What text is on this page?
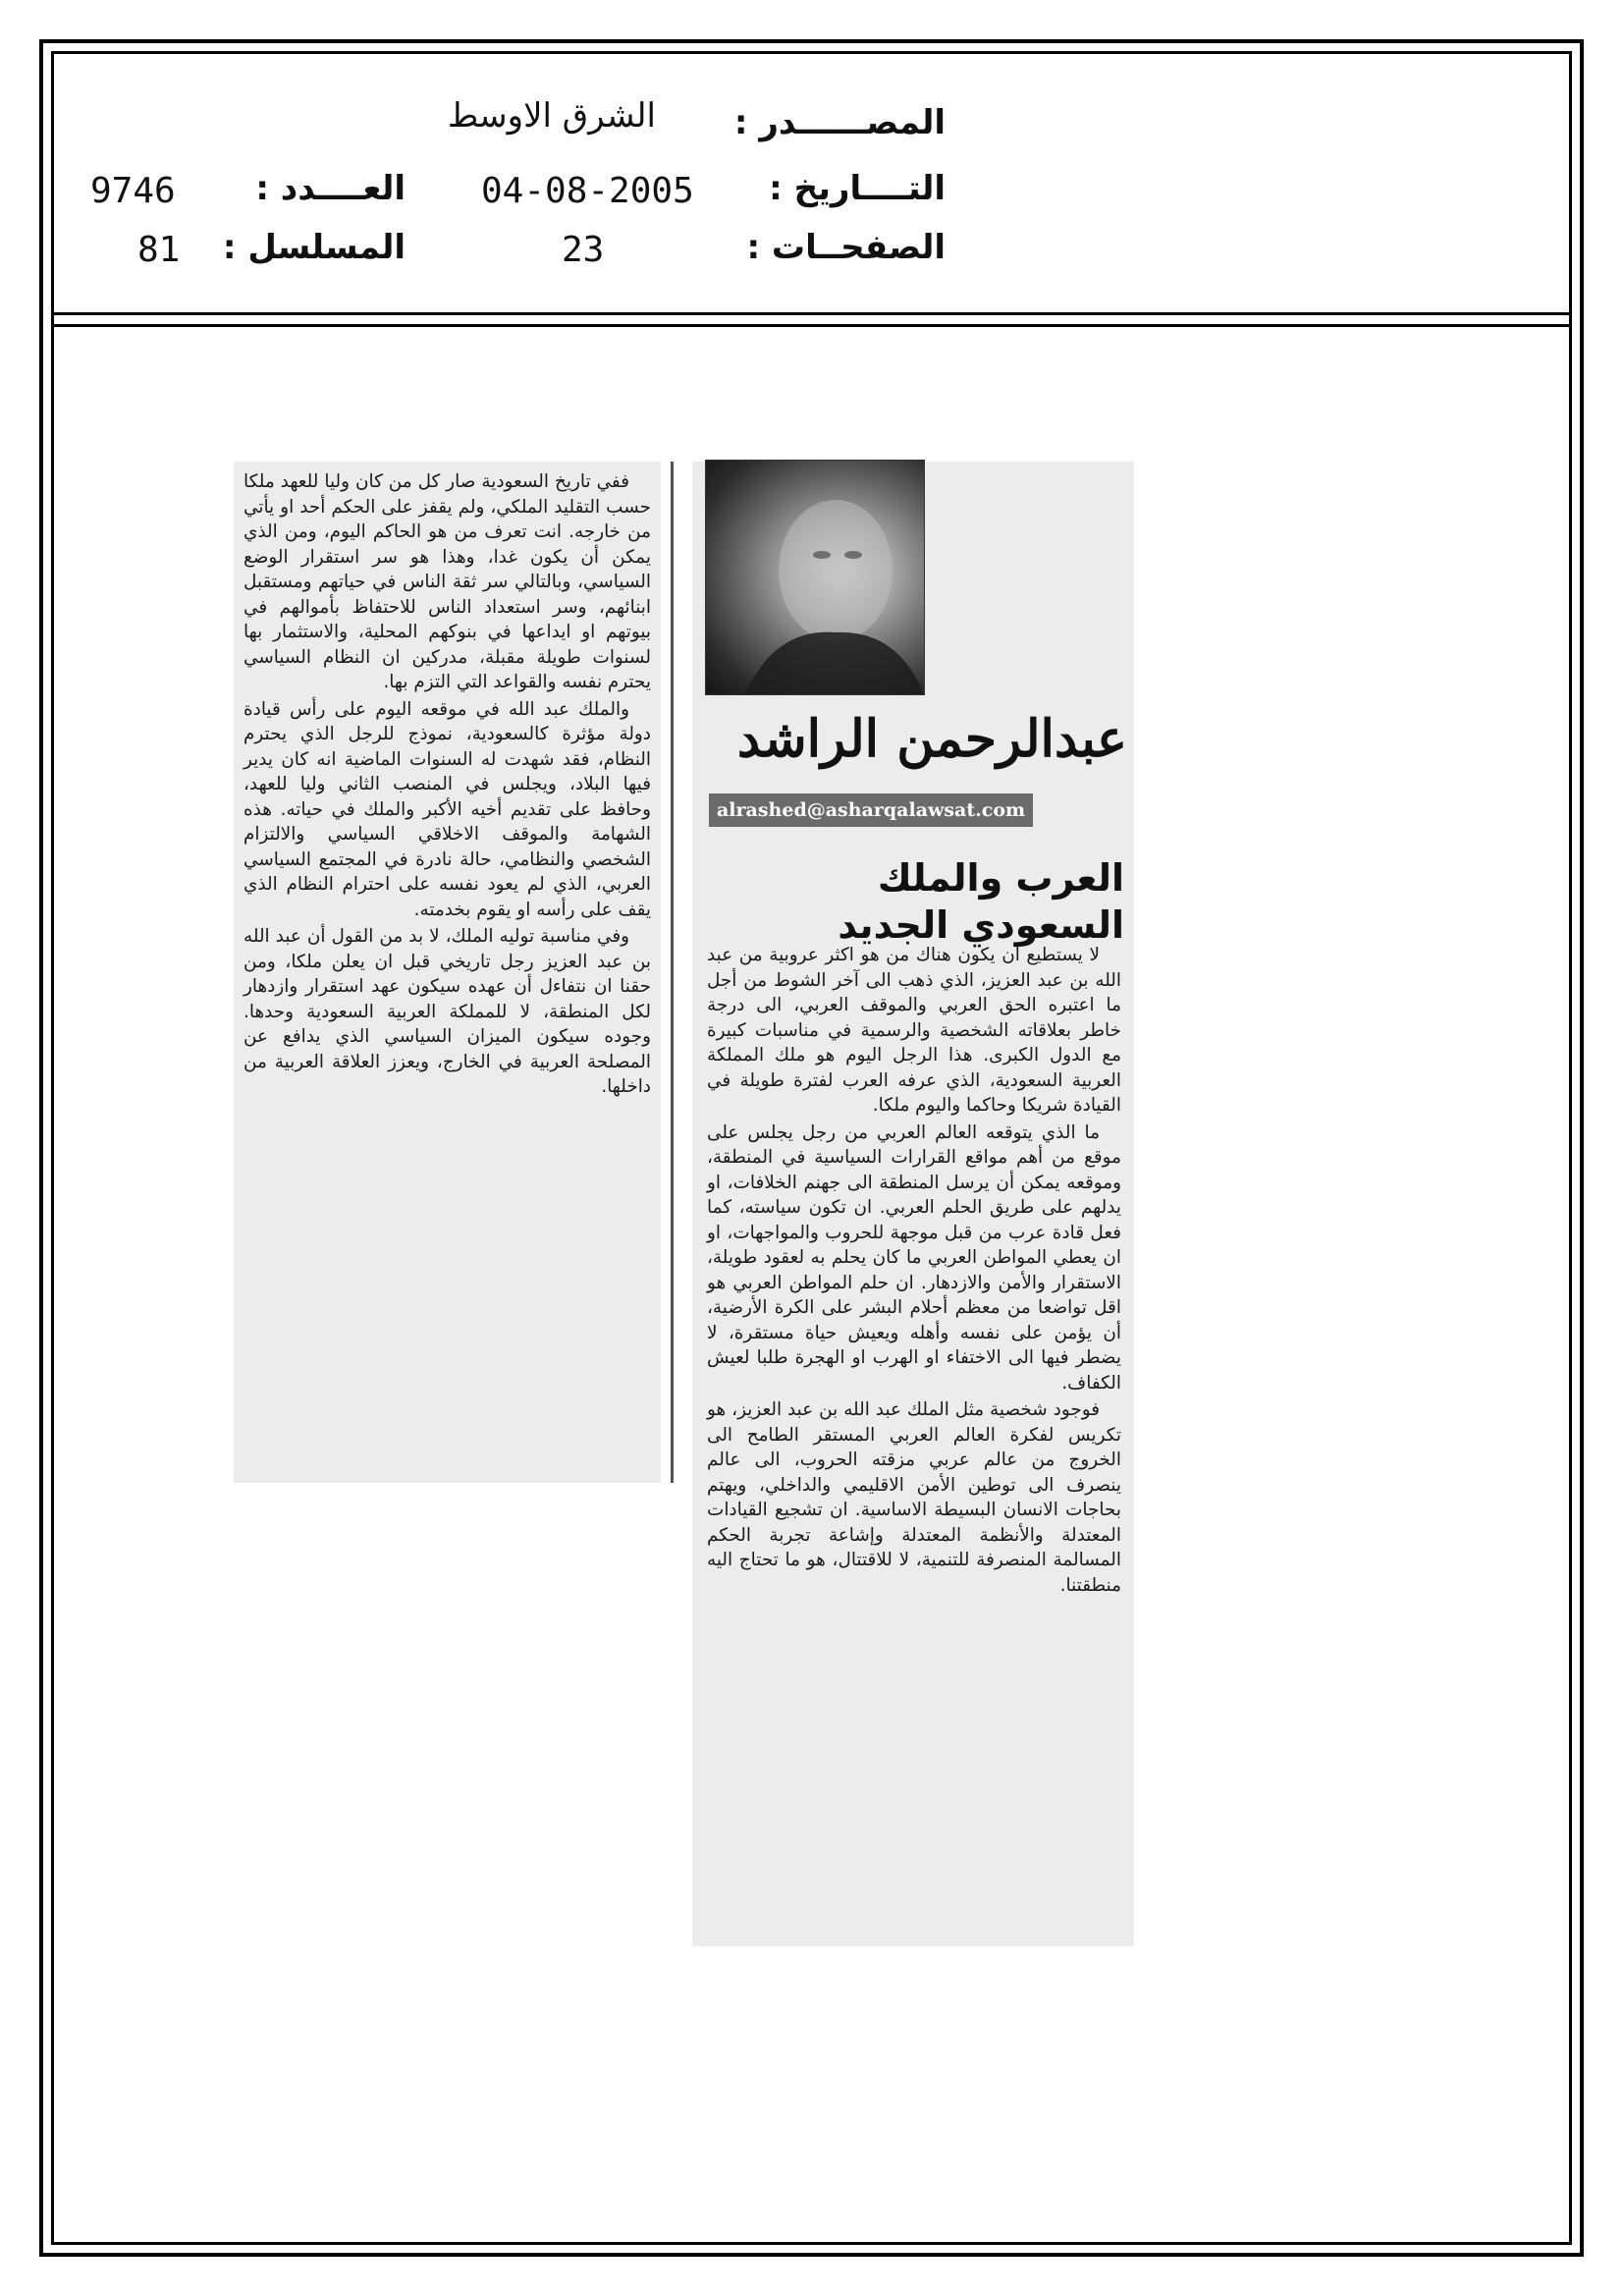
المصــــــدر :
الشرق الاوسط
التــــاريخ :
04-08-2005
العــــدد :
9746
الصفحــات :
23
المسلسل :
81
عبدالرحمن الراشد
alrashed@asharqalawsat.com
العرب والملك السعودي الجديد

لا يستطيع أن يكون هناك من هو اكثر عروبية من عبد الله بن عبد العزيز، الذي ذهب الى آخر الشوط من أجل ما اعتبره الحق العربي والموقف العربي، الى درجة خاطر بعلاقاته الشخصية والرسمية في مناسبات كبيرة مع الدول الكبرى. هذا الرجل اليوم هو ملك المملكة العربية السعودية، الذي عرفه العرب لفترة طويلة في القيادة شريكا وحاكما واليوم ملكا.

ما الذي يتوقعه العالم العربي من رجل يجلس على موقع من أهم مواقع القرارات السياسية في المنطقة، وموقعه يمكن أن يرسل المنطقة الى جهنم الخلافات، او يدلهم على طريق الحلم العربي. ان تكون سياسته، كما فعل قادة عرب من قبل موجهة للحروب والمواجهات، او ان يعطي المواطن العربي ما كان يحلم به لعقود طويلة، الاستقرار والأمن والازدهار. ان حلم المواطن العربي هو اقل تواضعا من معظم أحلام البشر على الكرة الأرضية، أن يؤمن على نفسه وأهله ويعيش حياة مستقرة، لا يضطر فيها الى الاختفاء او الهرب او الهجرة طلبا لعيش الكفاف.

فوجود شخصية مثل الملك عبد الله بن عبد العزيز، هو تكريس لفكرة العالم العربي المستقر الطامح الى الخروج من عالم عربي مزقته الحروب، الى عالم ينصرف الى توطين الأمن الاقليمي والداخلي، ويهتم بحاجات الانسان البسيطة الاساسية. ان تشجيع القيادات المعتدلة والأنظمة المعتدلة وإشاعة تجربة الحكم المسالمة المنصرفة للتنمية، لا للاقتتال، هو ما تحتاج اليه منطقتنا.

ففي تاريخ السعودية صار كل من كان وليا للعهد ملكا حسب التقليد الملكي، ولم يقفز على الحكم أحد او يأتي من خارجه. انت تعرف من هو الحاكم اليوم، ومن الذي يمكن أن يكون غدا، وهذا هو سر استقرار الوضع السياسي، وبالتالي سر ثقة الناس في حياتهم ومستقبل ابنائهم، وسر استعداد الناس للاحتفاظ بأموالهم في بيوتهم او ايداعها في بنوكهم المحلية، والاستثمار بها لسنوات طويلة مقبلة، مدركين ان النظام السياسي يحترم نفسه والقواعد التي التزم بها.

والملك عبد الله في موقعه اليوم على رأس قيادة دولة مؤثرة كالسعودية، نموذج للرجل الذي يحترم النظام، فقد شهدت له السنوات الماضية انه كان يدير فيها البلاد، ويجلس في المنصب الثاني وليا للعهد، وحافظ على تقديم أخيه الأكبر والملك في حياته. هذه الشهامة والموقف الاخلاقي السياسي والالتزام الشخصي والنظامي، حالة نادرة في المجتمع السياسي العربي، الذي لم يعود نفسه على احترام النظام الذي يقف على رأسه او يقوم بخدمته.

وفي مناسبة توليه الملك، لا بد من القول أن عبد الله بن عبد العزيز رجل تاريخي قبل ان يعلن ملكا، ومن حقنا ان نتفاءل أن عهده سيكون عهد استقرار وازدهار لكل المنطقة، لا للمملكة العربية السعودية وحدها. وجوده سيكون الميزان السياسي الذي يدافع عن المصلحة العربية في الخارج، ويعزز العلاقة العربية من داخلها.
